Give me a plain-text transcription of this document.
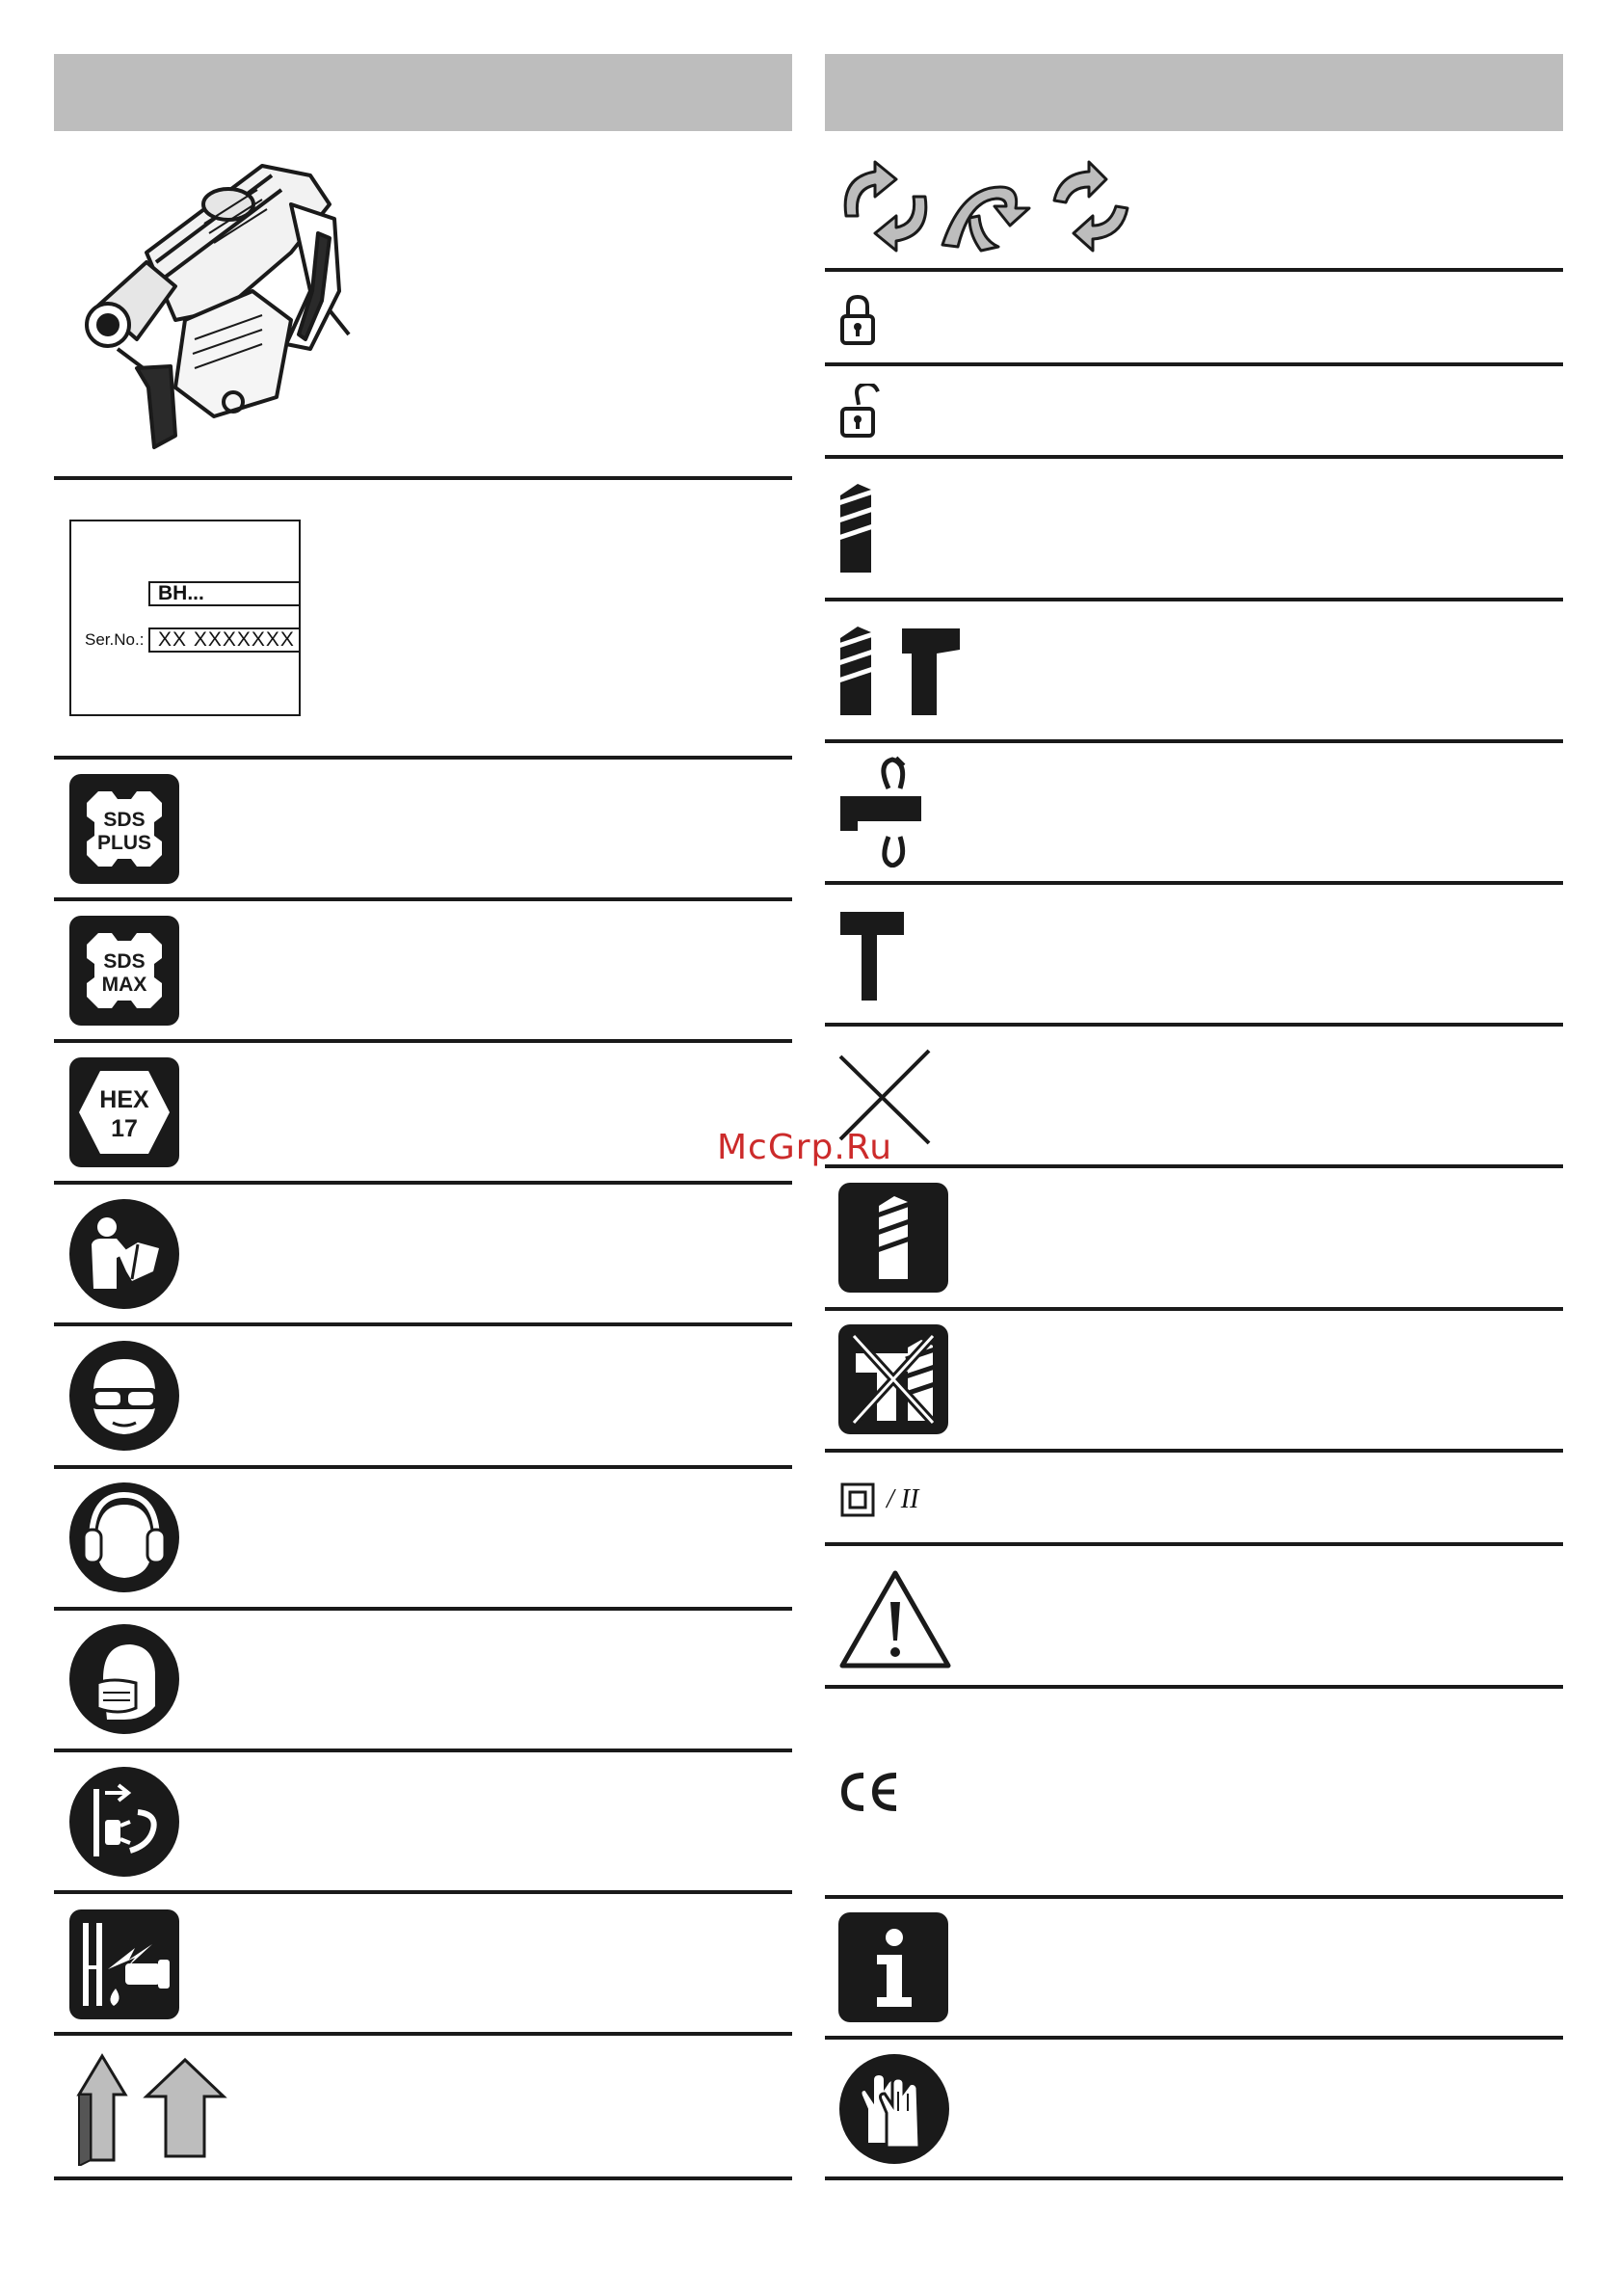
BH...
Ser.No.: XX XXXXXXX
SDS
PLUS
SDS
MAX
HEX
17
/ II
McGrp.Ru
